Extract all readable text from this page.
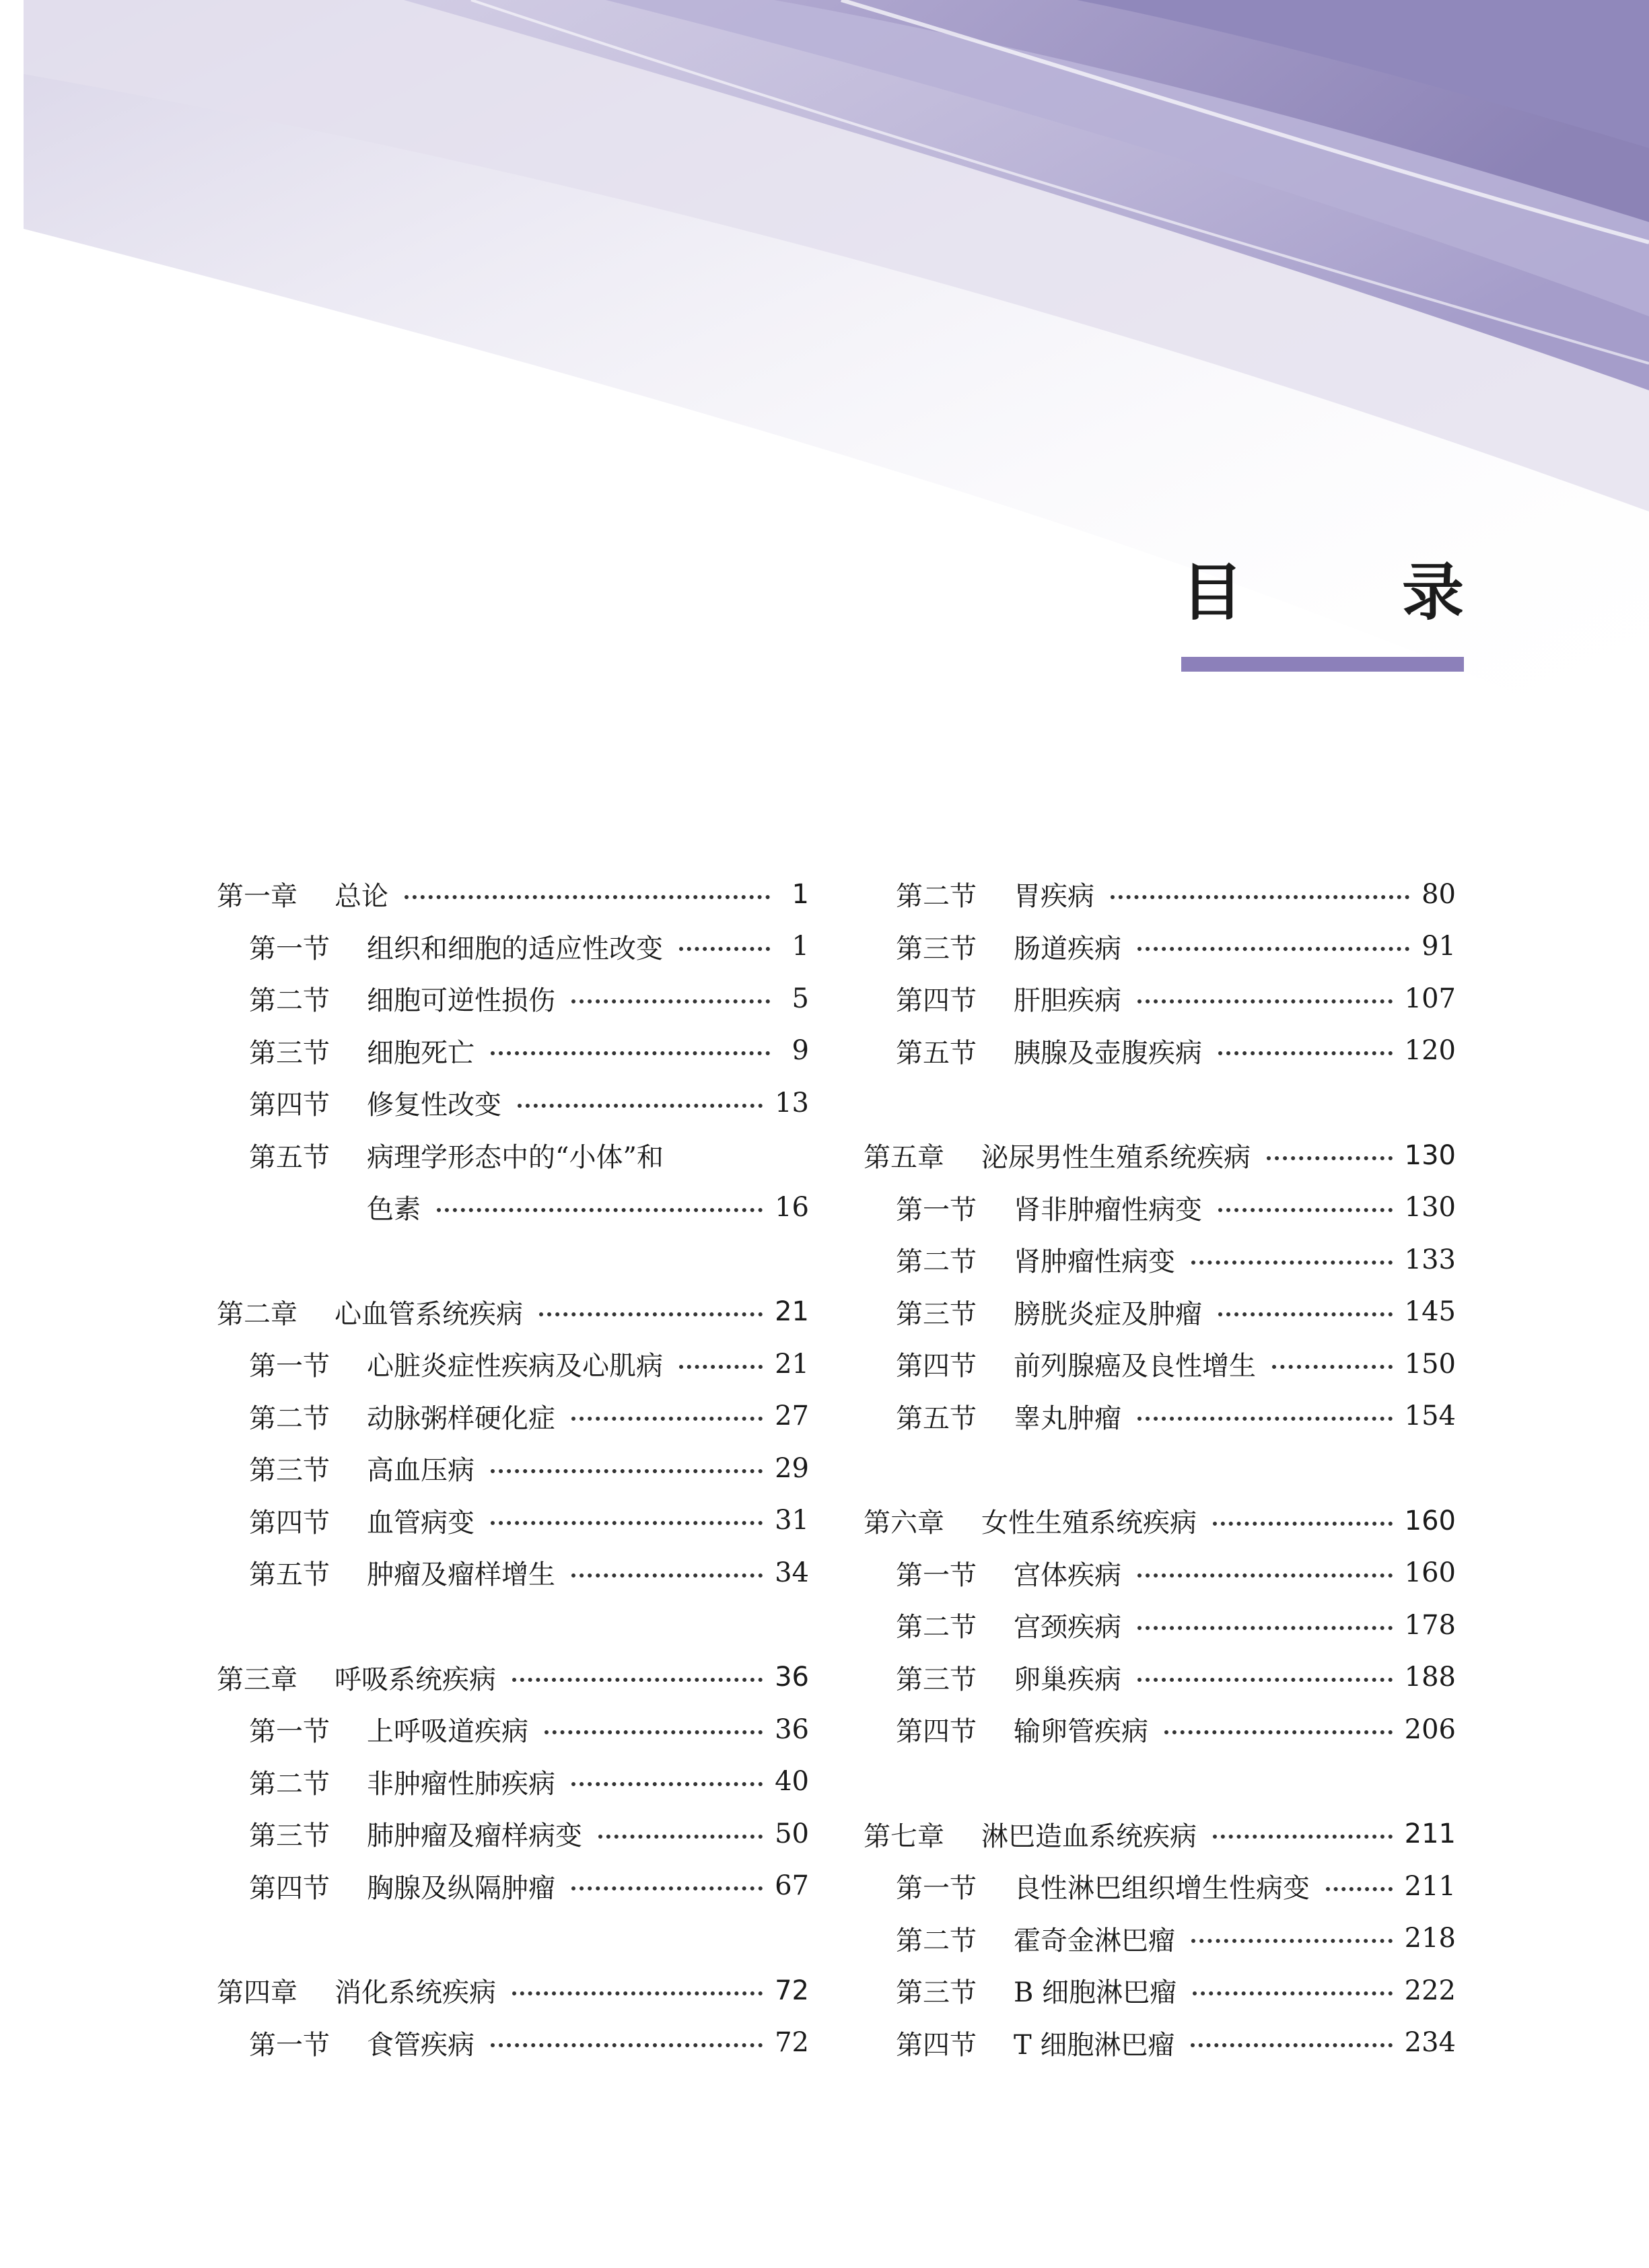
目	录
第一章	总论	1
第一节	组织和细胞的适应性改变	1
第二节	细胞可逆性损伤	5
第三节	细胞死亡	9
第四节	修复性改变	13
第五节	病理学形态中的“小体”和
色素	16
第二章	心血管系统疾病	21
第一节	心脏炎症性疾病及心肌病	21
第二节	动脉粥样硬化症	27
第三节	高血压病	29
第四节	血管病变	31
第五节	肿瘤及瘤样增生	34
第三章	呼吸系统疾病	36
第一节	上呼吸道疾病	36
第二节	非肿瘤性肺疾病	40
第三节	肺肿瘤及瘤样病变	50
第四节	胸腺及纵隔肿瘤	67
第四章	消化系统疾病	72
第一节	食管疾病	72
第二节	胃疾病	80
第三节	肠道疾病	91
第四节	肝胆疾病	107
第五节	胰腺及壶腹疾病	120
第五章	泌尿男性生殖系统疾病	130
第一节	肾非肿瘤性病变	130
第二节	肾肿瘤性病变	133
第三节	膀胱炎症及肿瘤	145
第四节	前列腺癌及良性增生	150
第五节	睾丸肿瘤	154
第六章	女性生殖系统疾病	160
第一节	宫体疾病	160
第二节	宫颈疾病	178
第三节	卵巢疾病	188
第四节	输卵管疾病	206
第七章	淋巴造血系统疾病	211
第一节	良性淋巴组织增生性病变	211
第二节	霍奇金淋巴瘤	218
第三节	B 细胞淋巴瘤	222
第四节	T 细胞淋巴瘤	234
